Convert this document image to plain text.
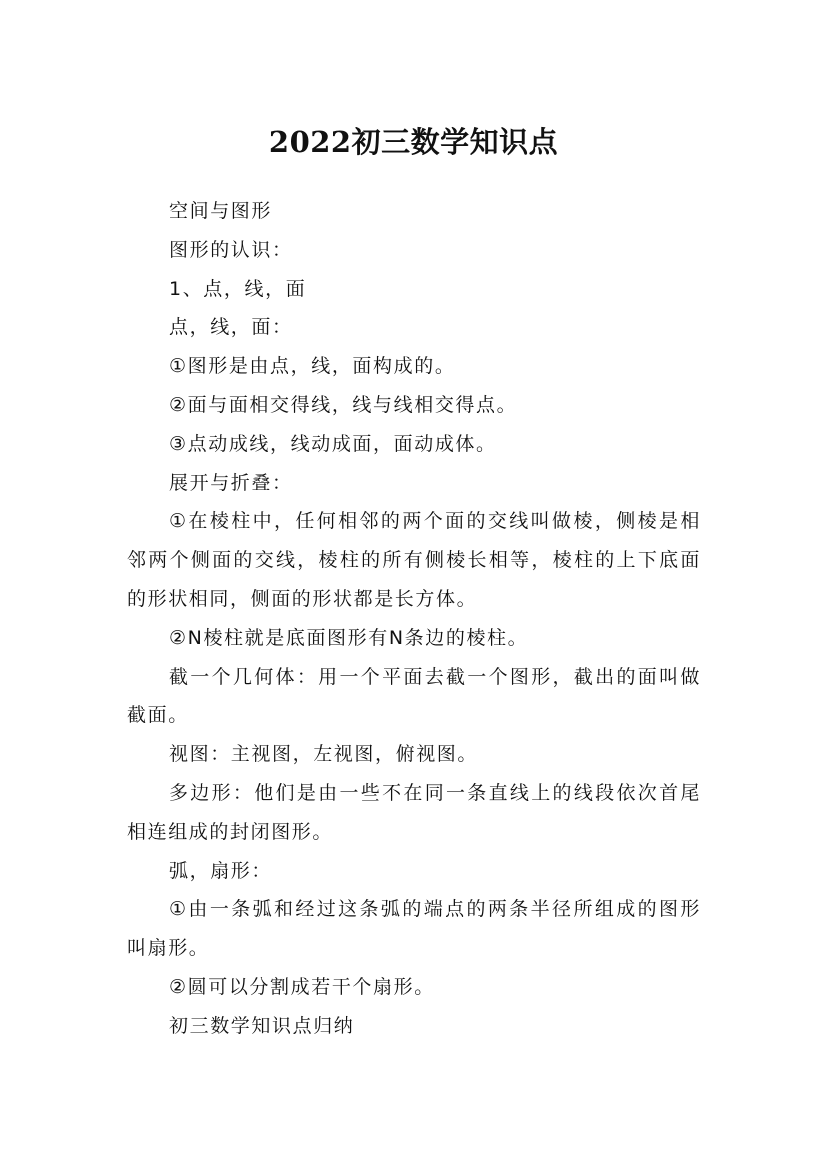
2022初三数学知识点

空间与图形

图形的认识：

1、点，线，面

点，线，面：

①图形是由点，线，面构成的。

②面与面相交得线，线与线相交得点。

③点动成线，线动成面，面动成体。

展开与折叠：

①在棱柱中，任何相邻的两个面的交线叫做棱，侧棱是相邻两个侧面的交线，棱柱的所有侧棱长相等，棱柱的上下底面的形状相同，侧面的形状都是长方体。

②N棱柱就是底面图形有N条边的棱柱。

截一个几何体：用一个平面去截一个图形，截出的面叫做截面。

视图：主视图，左视图，俯视图。

多边形：他们是由一些不在同一条直线上的线段依次首尾相连组成的封闭图形。

弧，扇形：

①由一条弧和经过这条弧的端点的两条半径所组成的图形叫扇形。

②圆可以分割成若干个扇形。

初三数学知识点归纳
